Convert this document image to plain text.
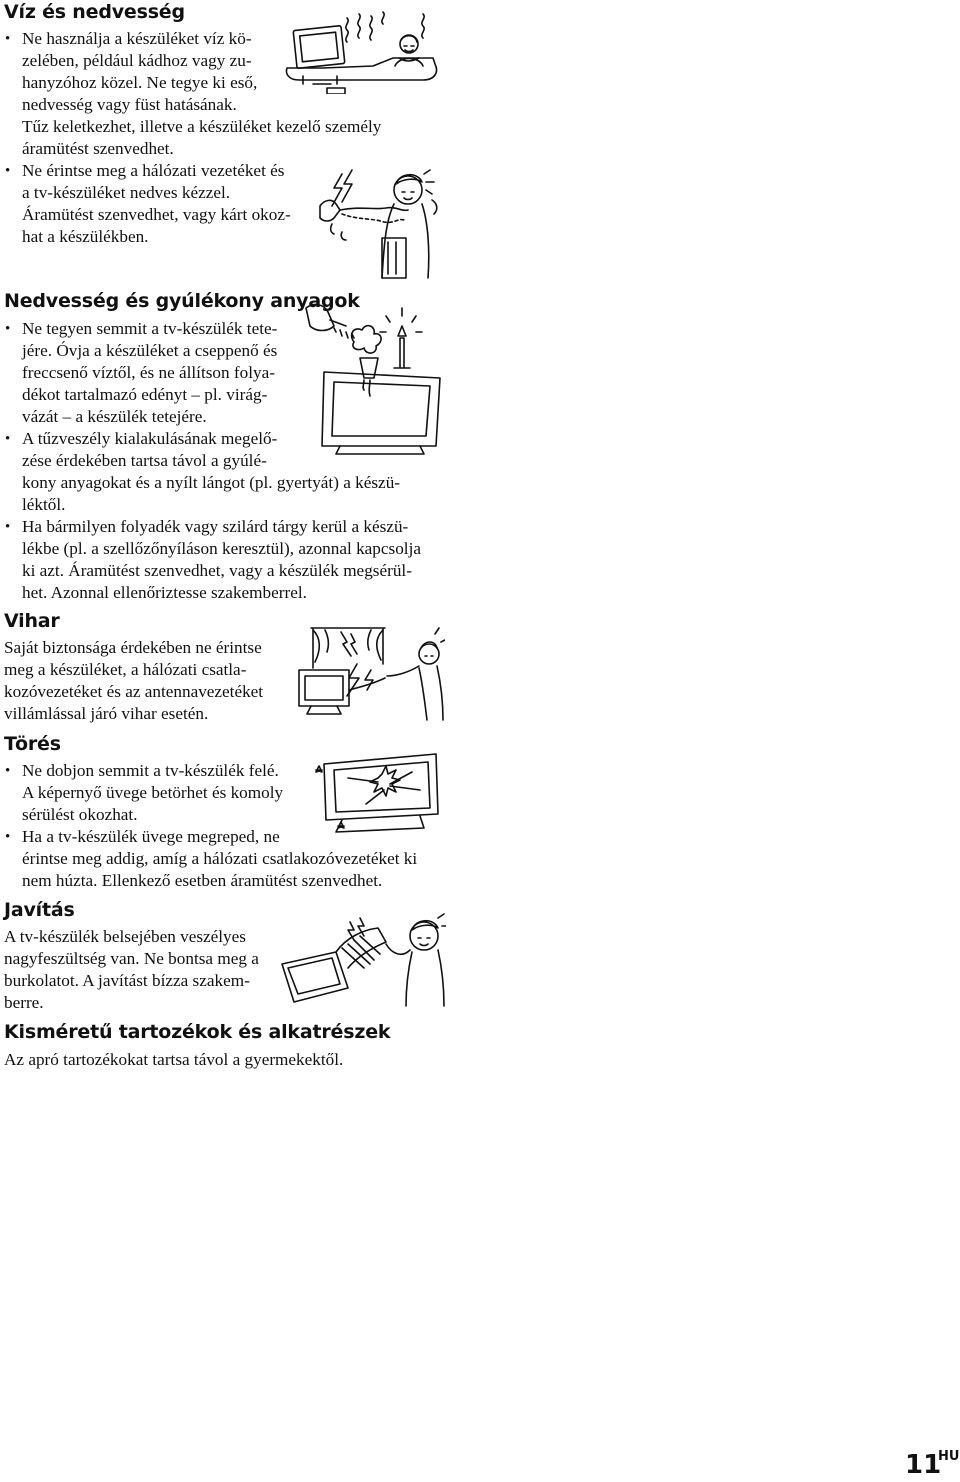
Víz és nedvesség
• Ne használja a készüléket víz kö-
zelében, például kádhoz vagy zu-
hanyzóhoz közel. Ne tegye ki eső,
nedvesség vagy füst hatásának.
Tűz keletkezhet, illetve a készüléket kezelő személy
áramütést szenvedhet.
• Ne érintse meg a hálózati vezetéket és
a tv-készüléket nedves kézzel.
Áramütést szenvedhet, vagy kárt okoz-
hat a készülékben.
Nedvesség és gyúlékony anyagok
• Ne tegyen semmit a tv-készülék tete-
jére. Óvja a készüléket a cseppenő és
freccsenő víztől, és ne állítson folya-
dékot tartalmazó edényt – pl. virág-
vázát – a készülék tetejére.
• A tűzveszély kialakulásának megelő-
zése érdekében tartsa távol a gyúlé-
kony anyagokat és a nyílt lángot (pl. gyertyát) a készü-
léktől.
• Ha bármilyen folyadék vagy szilárd tárgy kerül a készü-
lékbe (pl. a szellőzőnyíláson keresztül), azonnal kapcsolja
ki azt. Áramütést szenvedhet, vagy a készülék megsérül-
het. Azonnal ellenőriztesse szakemberrel.
Vihar
Saját biztonsága érdekében ne érintse
meg a készüléket, a hálózati csatla-
kozóvezetéket és az antennavezetéket
villámlással járó vihar esetén.
Törés
• Ne dobjon semmit a tv-készülék felé.
A képernyő üvege betörhet és komoly
sérülést okozhat.
• Ha a tv-készülék üvege megreped, ne
érintse meg addig, amíg a hálózati csatlakozóvezetéket ki
nem húzta. Ellenkező esetben áramütést szenvedhet.
Javítás
A tv-készülék belsejében veszélyes
nagyfeszültség van. Ne bontsa meg a
burkolatot. A javítást bízza szakem-
berre.
Kisméretű tartozékok és alkatrészek
Az apró tartozékokat tartsa távol a gyermekektől.
11
HU
